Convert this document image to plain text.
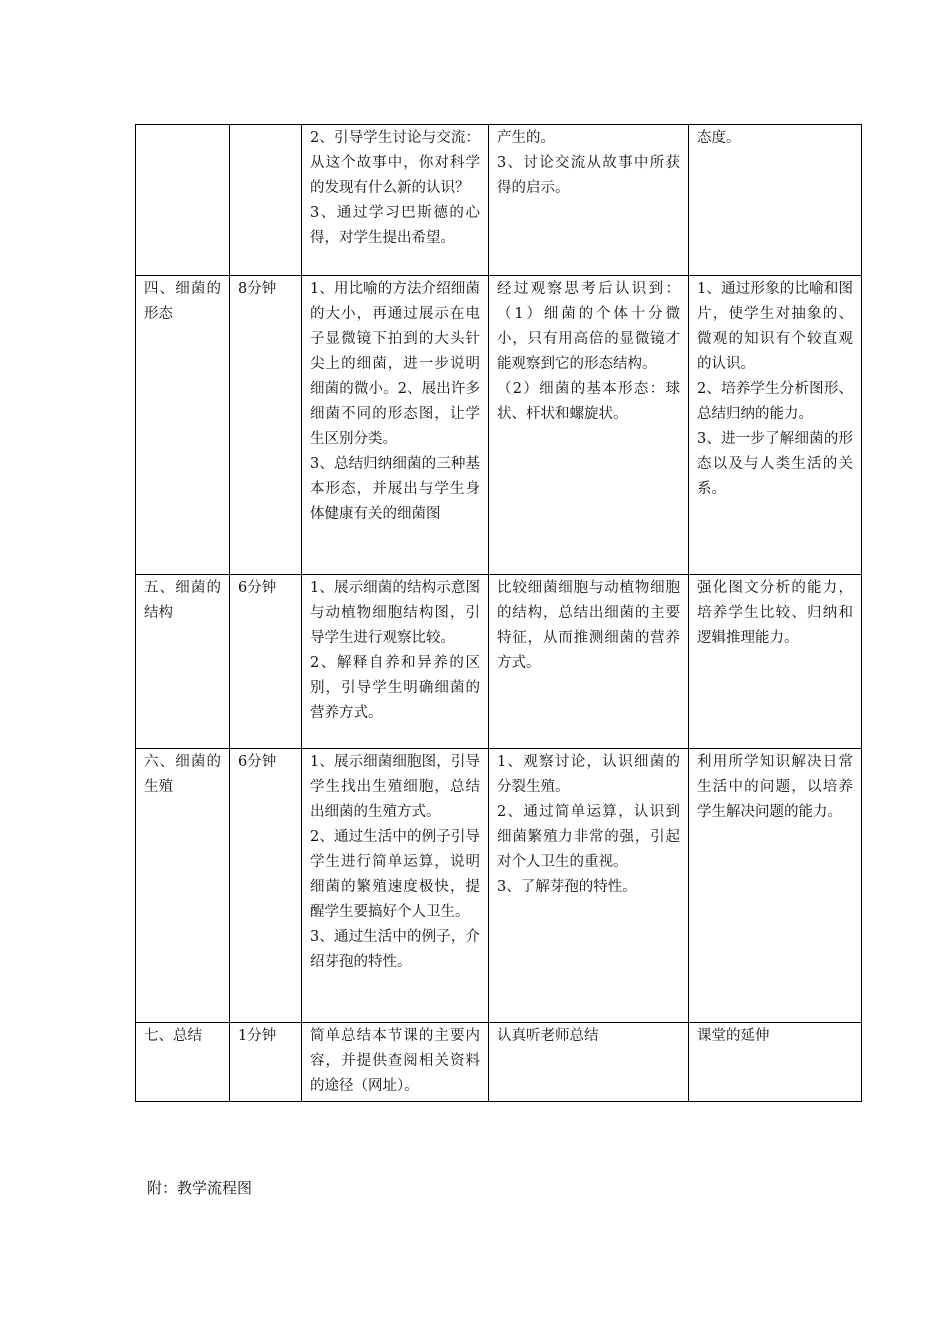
		2、引导学生讨论与交流：从这个故事中，你对科学的发现有什么新的认识？
3、通过学习巴斯德的心得，对学生提出希望。	产生的。
3、讨论交流从故事中所获得的启示。	态度。

四、细菌的形态	8分钟	1、用比喻的方法介绍细菌的大小，再通过展示在电子显微镜下拍到的大头针尖上的细菌，进一步说明细菌的微小。2、展出许多细菌不同的形态图，让学生区别分类。
3、总结归纳细菌的三种基本形态，并展出与学生身体健康有关的细菌图	经过观察思考后认识到：（1）细菌的个体十分微小，只有用高倍的显微镜才能观察到它的形态结构。
（2）细菌的基本形态：球状、杆状和螺旋状。	1、通过形象的比喻和图片，使学生对抽象的、微观的知识有个较直观的认识。
2、培养学生分析图形、总结归纳的能力。
3、进一步了解细菌的形态以及与人类生活的关系。

五、细菌的结构	6分钟	1、展示细菌的结构示意图与动植物细胞结构图，引导学生进行观察比较。
2、解释自养和异养的区别，引导学生明确细菌的营养方式。	比较细菌细胞与动植物细胞的结构，总结出细菌的主要特征，从而推测细菌的营养方式。	强化图文分析的能力，培养学生比较、归纳和逻辑推理能力。

六、细菌的生殖	6分钟	1、展示细菌细胞图，引导学生找出生殖细胞，总结出细菌的生殖方式。
2、通过生活中的例子引导学生进行简单运算，说明细菌的繁殖速度极快，提醒学生要搞好个人卫生。
3、通过生活中的例子，介绍芽孢的特性。	1、观察讨论，认识细菌的分裂生殖。
2、通过简单运算，认识到细菌繁殖力非常的强，引起对个人卫生的重视。
3、了解芽孢的特性。	利用所学知识解决日常生活中的问题，以培养学生解决问题的能力。

七、总结	1分钟	简单总结本节课的主要内容，并提供查阅相关资料的途径（网址）。	认真听老师总结	课堂的延伸
附：教学流程图
